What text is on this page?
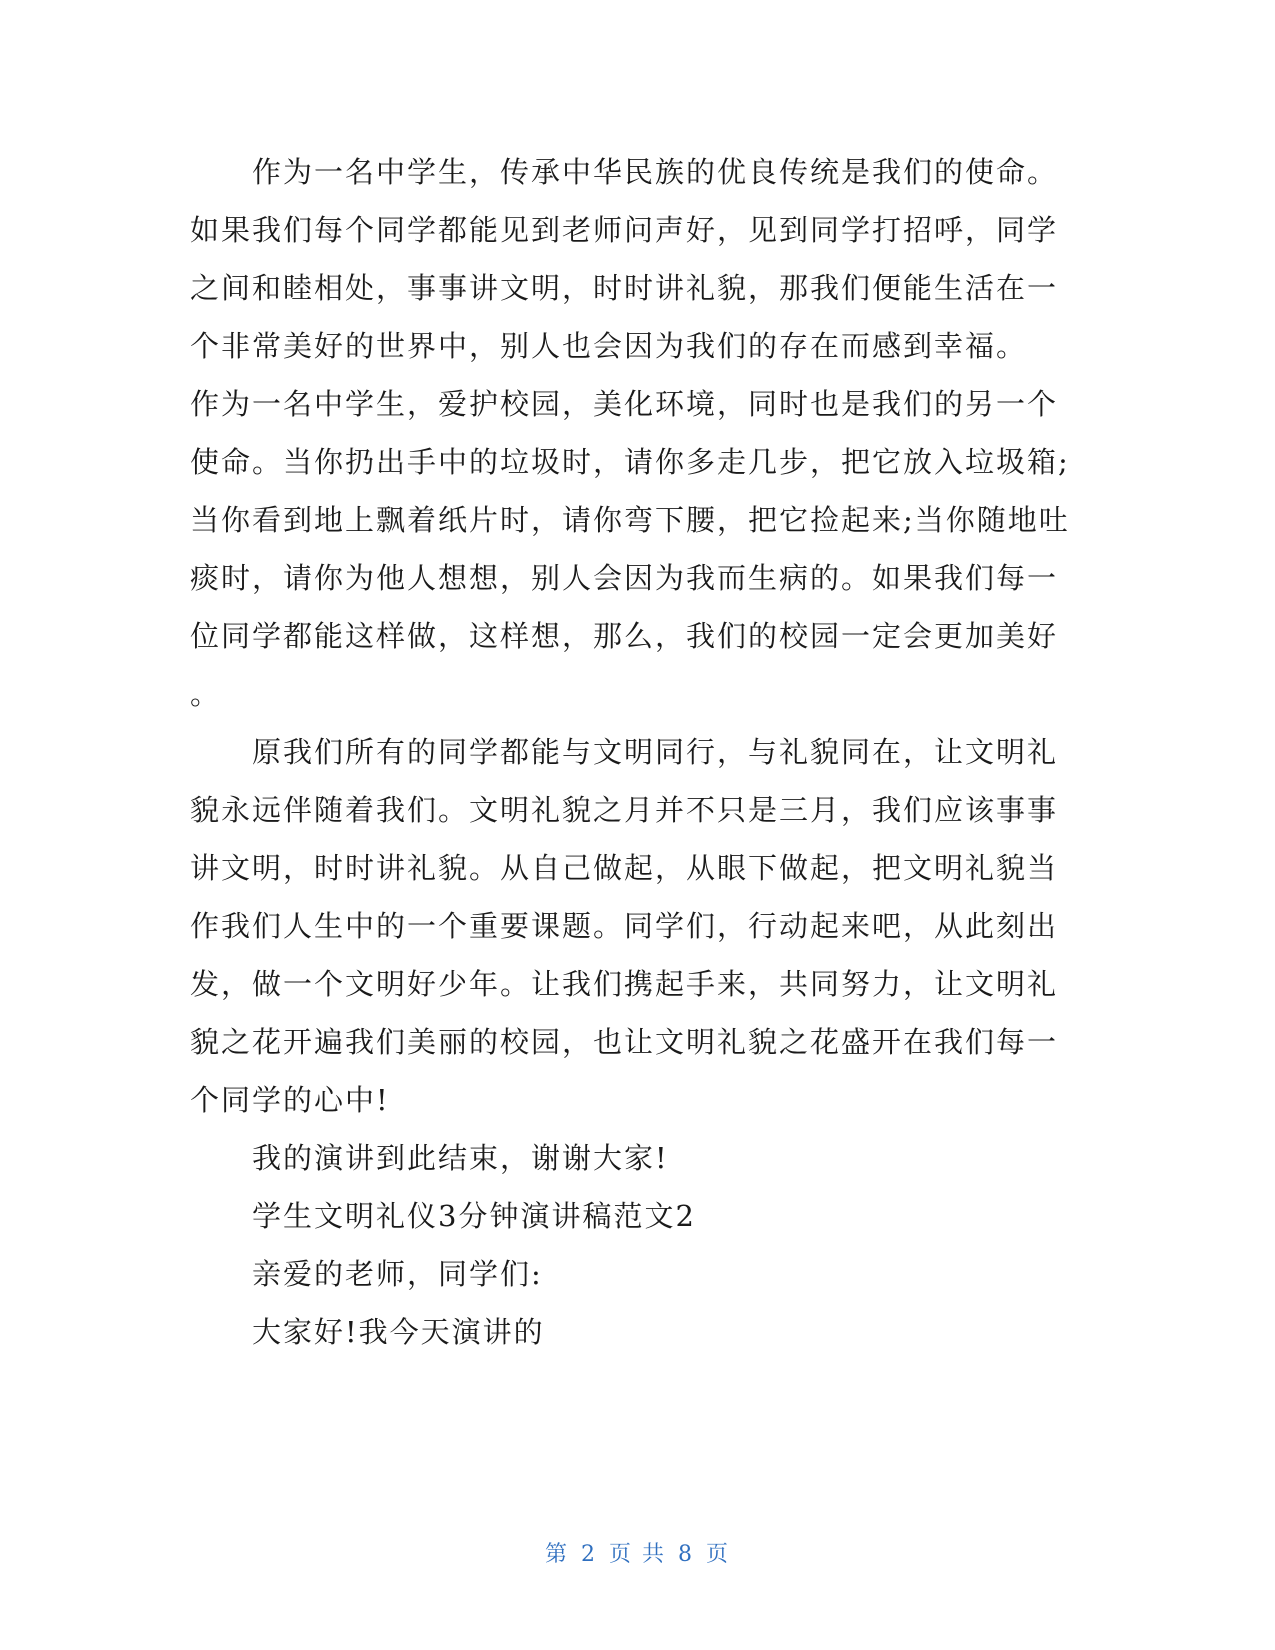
作为一名中学生，传承中华民族的优良传统是我们的使命。
如果我们每个同学都能见到老师问声好，见到同学打招呼，同学
之间和睦相处，事事讲文明，时时讲礼貌，那我们便能生活在一
个非常美好的世界中，别人也会因为我们的存在而感到幸福。
作为一名中学生，爱护校园，美化环境，同时也是我们的另一个
使命。当你扔出手中的垃圾时，请你多走几步，把它放入垃圾箱;
当你看到地上飘着纸片时，请你弯下腰，把它捡起来;当你随地吐
痰时，请你为他人想想，别人会因为我而生病的。如果我们每一
位同学都能这样做，这样想，那么，我们的校园一定会更加美好
。
原我们所有的同学都能与文明同行，与礼貌同在，让文明礼
貌永远伴随着我们。文明礼貌之月并不只是三月，我们应该事事
讲文明，时时讲礼貌。从自己做起，从眼下做起，把文明礼貌当
作我们人生中的一个重要课题。同学们，行动起来吧，从此刻出
发，做一个文明好少年。让我们携起手来，共同努力，让文明礼
貌之花开遍我们美丽的校园，也让文明礼貌之花盛开在我们每一
个同学的心中!
我的演讲到此结束，谢谢大家!
学生文明礼仪3分钟演讲稿范文2
亲爱的老师，同学们:
大家好!我今天演讲的
第 2 页 共 8 页
